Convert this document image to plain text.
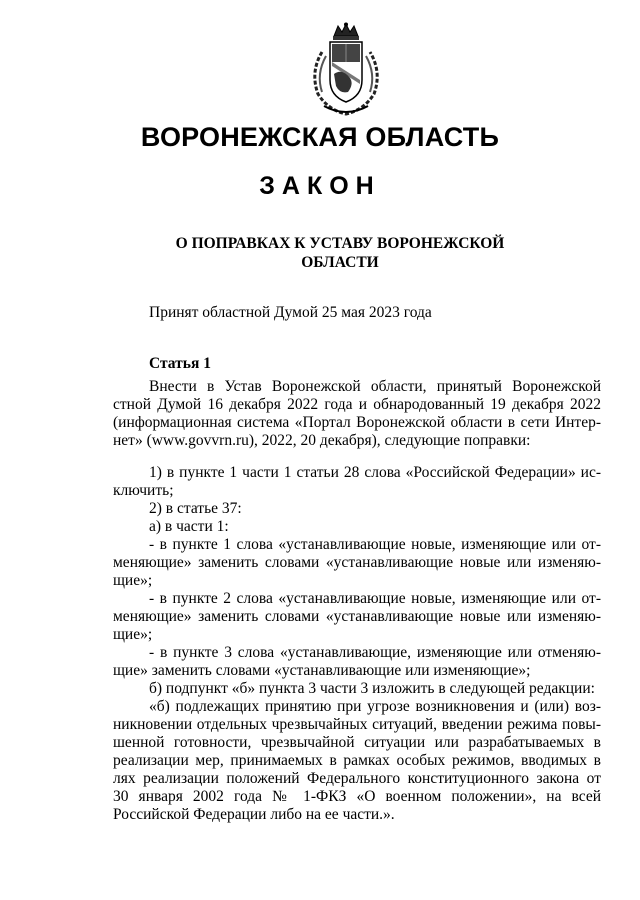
ВОРОНЕЖСКАЯ ОБЛАСТЬ
ЗАКОН
О ПОПРАВКАХ К УСТАВУ ВОРОНЕЖСКОЙ
ОБЛАСТИ
Принят областной Думой 25 мая 2023 года
Статья 1
Внести в Устав Воронежской области, принятый Воронежской
стной Думой 16 декабря 2022 года и обнародованный 19 декабря 2022
(информационная система «Портал Воронежской области в сети Интер-
нет» (www.govvrn.ru), 2022, 20 декабря), следующие поправки:
1) в пункте 1 части 1 статьи 28 слова «Российской Федерации» ис-
ключить;
2) в статье 37:
а) в части 1:
- в пункте 1 слова «устанавливающие новые, изменяющие или от-
меняющие» заменить словами «устанавливающие новые или изменяю-
щие»;
- в пункте 2 слова «устанавливающие новые, изменяющие или от-
меняющие» заменить словами «устанавливающие новые или изменяю-
щие»;
- в пункте 3 слова «устанавливающие, изменяющие или отменяю-
щие» заменить словами «устанавливающие или изменяющие»;
б) подпункт «б» пункта 3 части 3 изложить в следующей редакции:
«б) подлежащих принятию при угрозе возникновения и (или) воз-
никновении отдельных чрезвычайных ситуаций, введении режима повы-
шенной готовности, чрезвычайной ситуации или разрабатываемых в
реализации мер, принимаемых в рамках особых режимов, вводимых в
лях реализации положений Федерального конституционного закона от
30 января 2002 года № 1-ФКЗ «О военном положении», на всей
Российской Федерации либо на ее части.».
